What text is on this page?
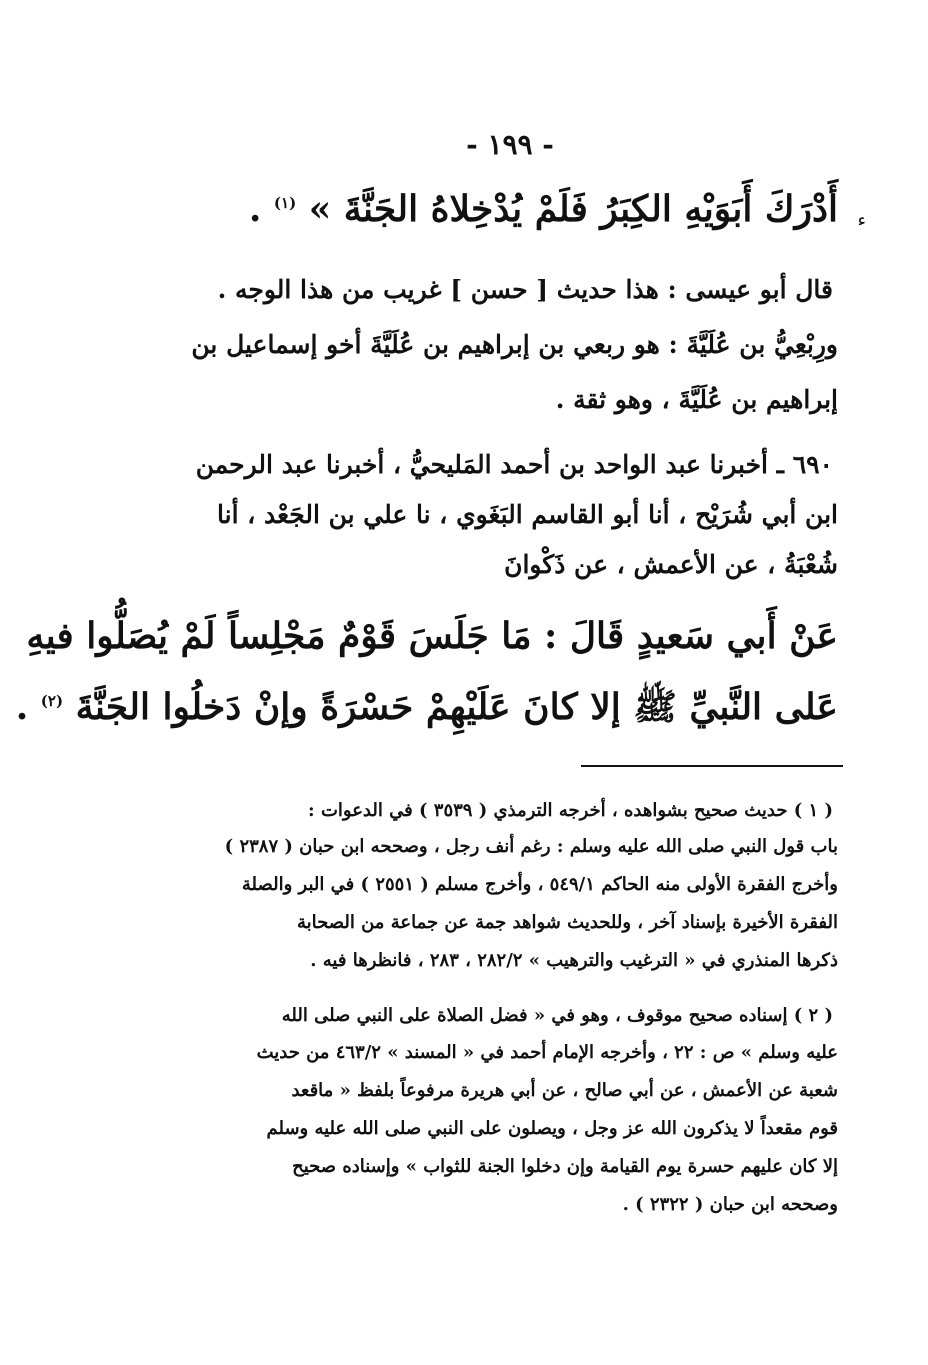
- ١٩٩ -
ء
أَدْرَكَ أَبَوَيْهِ الكِبَرُ فَلَمْ يُدْخِلاهُ الجَنَّةَ » $^{(١)}$ .
قال أبو عيسى : هذا حديث [ حسن ] غريب من هذا الوجه .
ورِبْعِيُّ بن عُلَيَّةَ : هو ربعي بن إبراهيم بن عُلَيَّةَ أخو إسماعيل بن
إبراهيم بن عُلَيَّةَ ، وهو ثقة .
٦٩٠ ـ أخبرنا عبد الواحد بن أحمد المَليحيُّ ، أخبرنا عبد الرحمن
ابن أبي شُرَيْح ، أنا أبو القاسم البَغَوي ، نا علي بن الجَعْد ، أنا
شُعْبَةُ ، عن الأعمش ، عن ذَكْوانَ
عَنْ أَبي سَعيدٍ قَالَ : مَا جَلَسَ قَوْمٌ مَجْلِساً لَمْ يُصَلُّوا فيهِ
عَلى النَّبيِّ ﷺ إلا كانَ عَلَيْهِمْ حَسْرَةً وإنْ دَخلُوا الجَنَّةَ $^{(٢)}$ .
( ١ ) حديث صحيح بشواهده ، أخرجه الترمذي ( ٣٥٣٩ ) في الدعوات :
باب قول النبي صلى الله عليه وسلم : رغم أنف رجل ، وصححه ابن حبان ( ٢٣٨٧ )
وأخرج الفقرة الأولى منه الحاكم ٥٤٩/١ ، وأخرج مسلم ( ٢٥٥١ ) في البر والصلة
الفقرة الأخيرة بإسناد آخر ، وللحديث شواهد جمة عن جماعة من الصحابة
ذكرها المنذري في « الترغيب والترهيب » ٢٨٢/٢ ، ٢٨٣ ، فانظرها فيه .
( ٢ ) إسناده صحيح موقوف ، وهو في « فضل الصلاة على النبي صلى الله
عليه وسلم » ص : ٢٢ ، وأخرجه الإمام أحمد في « المسند » ٤٦٣/٢ من حديث
شعبة عن الأعمش ، عن أبي صالح ، عن أبي هريرة مرفوعاً بلفظ « ماقعد
قوم مقعداً لا يذكرون الله عز وجل ، ويصلون على النبي صلى الله عليه وسلم
إلا كان عليهم حسرة يوم القيامة وإن دخلوا الجنة للثواب » وإسناده صحيح
وصححه ابن حبان ( ٢٣٢٢ ) .
